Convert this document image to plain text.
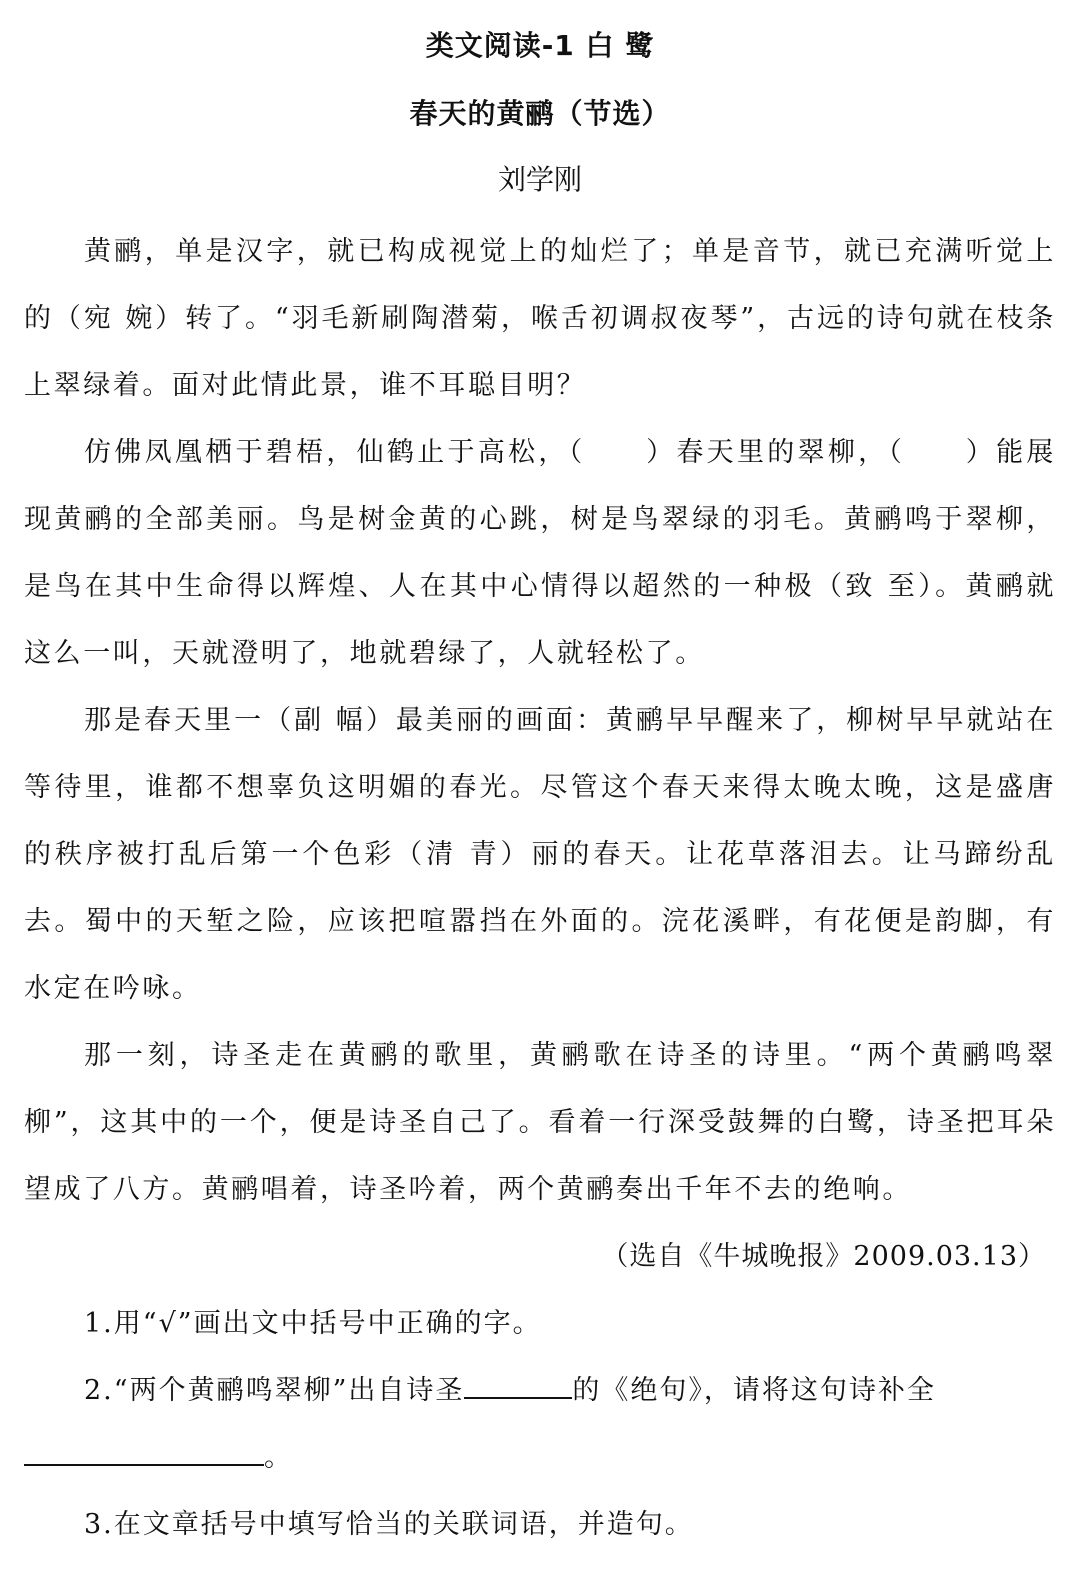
类文阅读-1 白 鹭
春天的黄鹂（节选）
刘学刚

黄鹂，单是汉字，就已构成视觉上的灿烂了；单是音节，就已充满听觉上的（宛 婉）转了。“羽毛新刷陶潜菊，喉舌初调叔夜琴”，古远的诗句就在枝条上翠绿着。面对此情此景，谁不耳聪目明？

仿佛凤凰栖于碧梧，仙鹤止于高松，（　　）春天里的翠柳，（　　）能展现黄鹂的全部美丽。鸟是树金黄的心跳，树是鸟翠绿的羽毛。黄鹂鸣于翠柳，是鸟在其中生命得以辉煌、人在其中心情得以超然的一种极（致 至）。黄鹂就这么一叫，天就澄明了，地就碧绿了，人就轻松了。

那是春天里一（副 幅）最美丽的画面：黄鹂早早醒来了，柳树早早就站在等待里，谁都不想辜负这明媚的春光。尽管这个春天来得太晚太晚，这是盛唐的秩序被打乱后第一个色彩（清 青）丽的春天。让花草落泪去。让马蹄纷乱去。蜀中的天堑之险，应该把喧嚣挡在外面的。浣花溪畔，有花便是韵脚，有水定在吟咏。

那一刻，诗圣走在黄鹂的歌里，黄鹂歌在诗圣的诗里。“两个黄鹂鸣翠柳”，这其中的一个，便是诗圣自己了。看着一行深受鼓舞的白鹭，诗圣把耳朵望成了八方。黄鹂唱着，诗圣吟着，两个黄鹂奏出千年不去的绝响。

（选自《牛城晚报》2009.03.13）

1.用“√”画出文中括号中正确的字。

2.“两个黄鹂鸣翠柳”出自诗圣	的《绝句》，请将这句诗补全。

3.在文章括号中填写恰当的关联词语，并造句。
